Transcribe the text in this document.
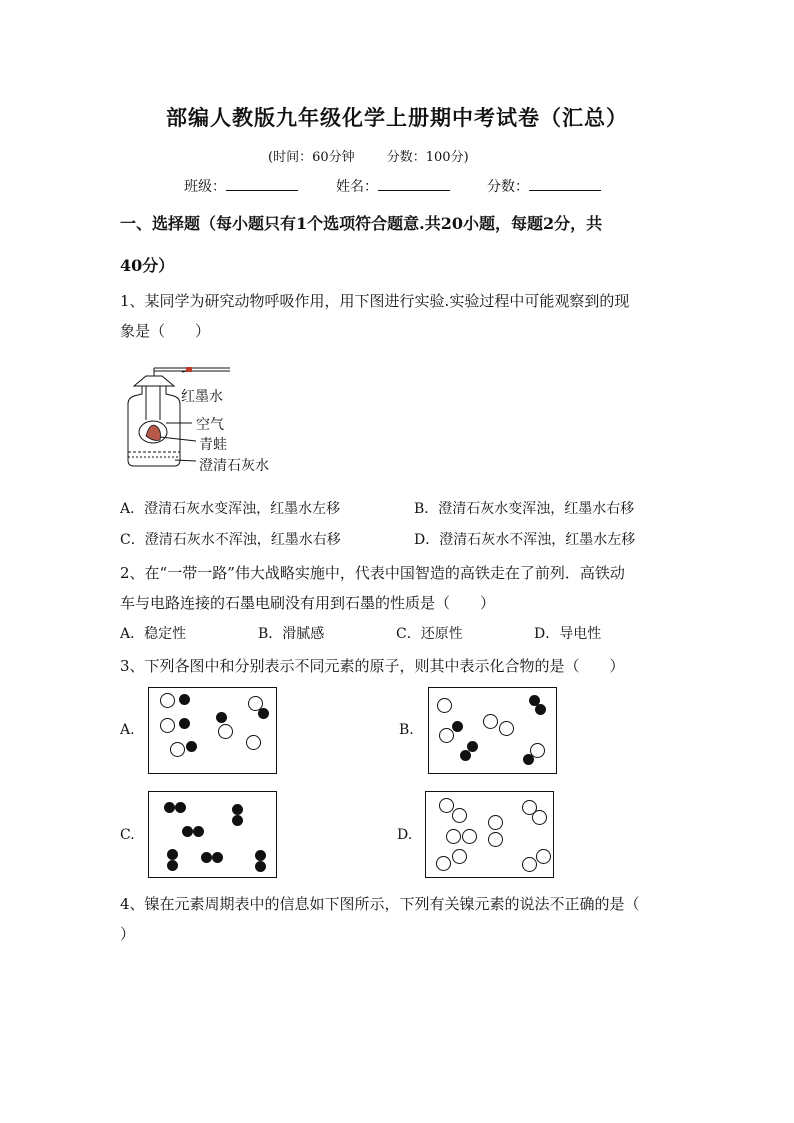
部编人教版九年级化学上册期中考试卷（汇总）
(时间：60分钟 分数：100分)
班级：	姓名：	分数：
一、选择题（每小题只有1个选项符合题意.共20小题，每题2分，共
40分）
1、某同学为研究动物呼吸作用，用下图进行实验.实验过程中可能观察到的现
象是（　　）
红墨水
空气
青蛙
澄清石灰水
A．澄清石灰水变浑浊，红墨水左移	B．澄清石灰水变浑浊，红墨水右移
C．澄清石灰水不浑浊，红墨水右移	D．澄清石灰水不浑浊，红墨水左移
2、在“一带一路”伟大战略实施中，代表中国智造的高铁走在了前列．高铁动
车与电路连接的石墨电刷没有用到石墨的性质是（　　）
A．稳定性	B．滑腻感	C．还原性	D．导电性
3、下列各图中和分别表示不同元素的原子，则其中表示化合物的是（　　）
A.	B.
C.	D.
4、镍在元素周期表中的信息如下图所示，下列有关镍元素的说法不正确的是（
）
